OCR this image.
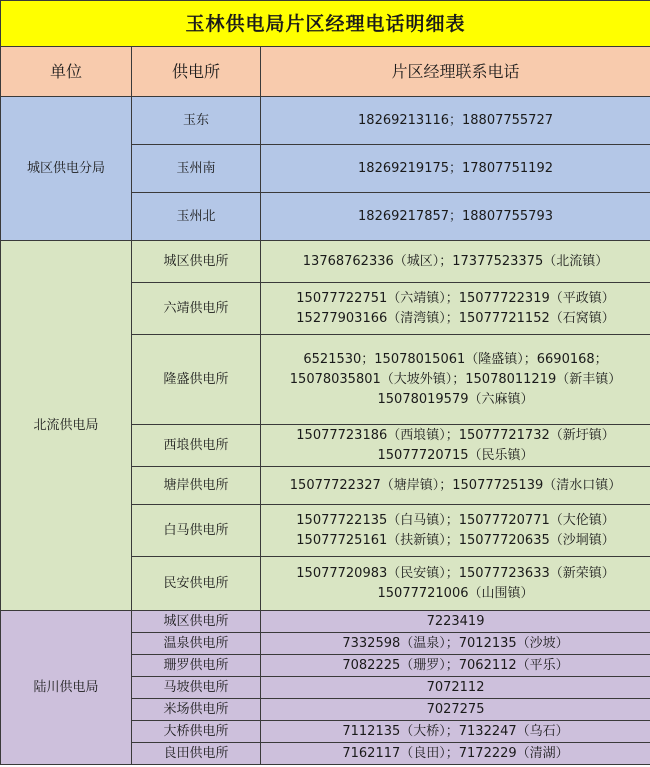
玉林供电局片区经理电话明细表		
单位	供电所	片区经理联系电话
城区供电分局	玉东	18269213116；18807755727

	玉州南	18269219175；17807751192

	玉州北	18269217857；18807755793

北流供电局	城区供电所	13768762336（城区）；17377523375（北流镇）

	六靖供电所	15077722751（六靖镇）；15077722319（平政镇）
15277903166（清湾镇）；15077721152（石窝镇）

	隆盛供电所	6521530；15078015061（隆盛镇）；6690168；
15078035801（大坡外镇）；15078011219（新丰镇）
15078019579（六麻镇）

	西埌供电所	15077723186（西埌镇）；15077721732（新圩镇）
15077720715（民乐镇）

	塘岸供电所	15077722327（塘岸镇）；15077725139（清水口镇）

	白马供电所	15077722135（白马镇）；15077720771（大伦镇）
15077725161（扶新镇）；15077720635（沙垌镇）

	民安供电所	15077720983（民安镇）；15077723633（新荣镇）
15077721006（山围镇）

陆川供电局	城区供电所	7223419

	温泉供电所	7332598（温泉）；7012135（沙坡）

	珊罗供电所	7082225（珊罗）；7062112（平乐）

	马坡供电所	7072112

	米场供电所	7027275

	大桥供电所	7112135（大桥）；7132247（乌石）

	良田供电所	7162117（良田）；7172229（清湖）
